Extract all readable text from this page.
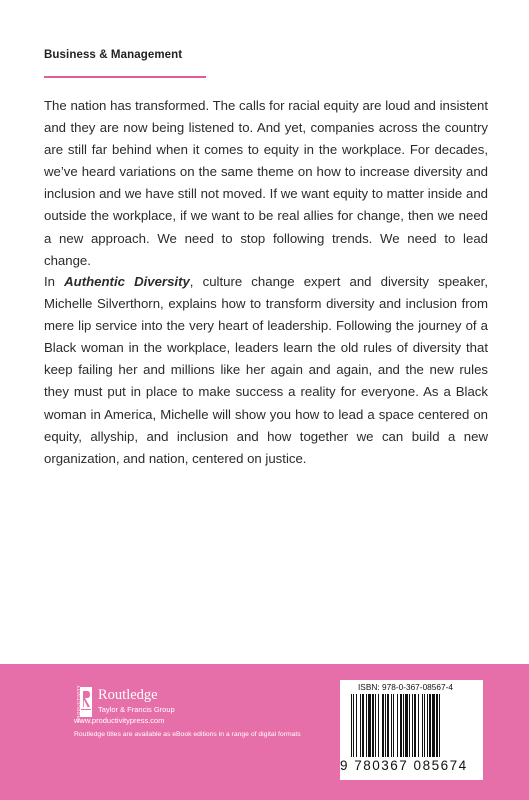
Business & Management

The nation has transformed. The calls for racial equity are loud and insistent and they are now being listened to. And yet, companies across the country are still far behind when it comes to equity in the workplace. For decades, we’ve heard variations on the same theme on how to increase diversity and inclusion and we have still not moved. If we want equity to matter inside and outside the workplace, if we want to be real allies for change, then we need a new approach. We need to stop following trends. We need to lead change.

In Authentic Diversity, culture change expert and diversity speaker, Michelle Silverthorn, explains how to transform diversity and inclusion from mere lip service into the very heart of leadership. Following the journey of a Black woman in the workplace, leaders learn the old rules of diversity that keep failing her and millions like her again and again, and the new rules they must put in place to make success a reality for everyone. As a Black woman in America, Michelle will show you how to lead a space centered on equity, allyship, and inclusion and how together we can build a new organization, and nation, centered on justice.

Routledge
Taylor & Francis Group
PRODUCTIVITY
www.productivitypress.com
Routledge titles are available as eBook editions in a range of digital formats
ISBN: 978-0-367-08567-4
9 780367 085674
